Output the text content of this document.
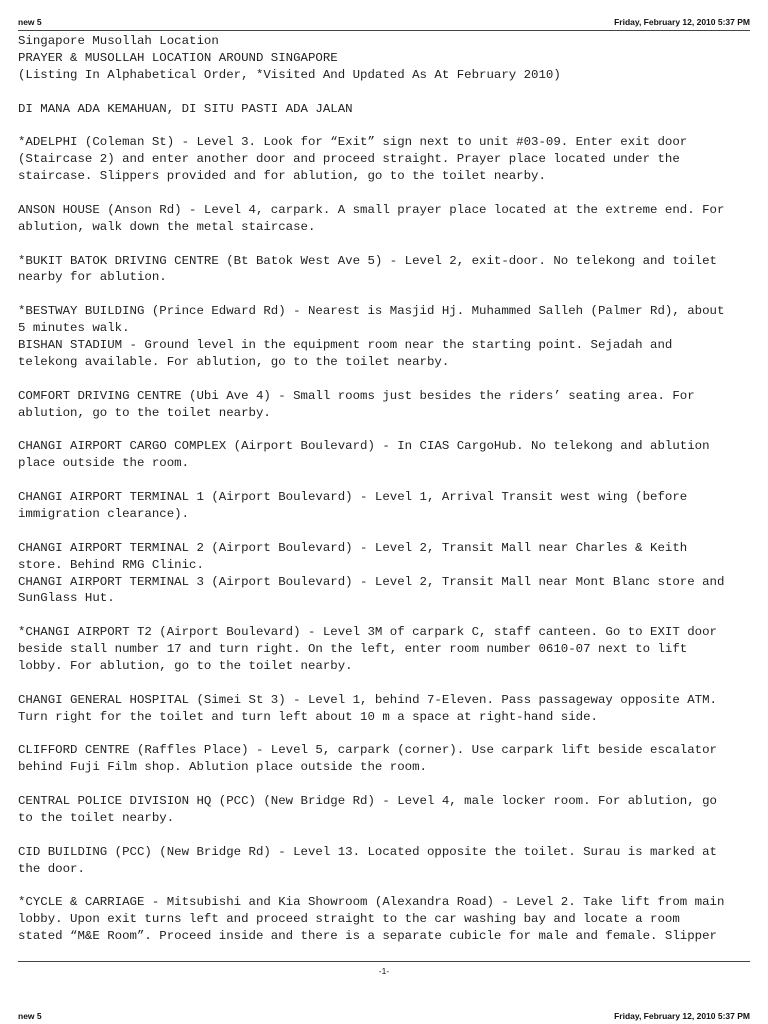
new 5	Friday, February 12, 2010 5:37 PM
Singapore Musollah Location
PRAYER & MUSOLLAH LOCATION AROUND SINGAPORE
(Listing In Alphabetical Order, *Visited And Updated As At February 2010)
DI MANA ADA KEMAHUAN, DI SITU PASTI ADA JALAN
*ADELPHI (Coleman St) - Level 3. Look for “Exit” sign next to unit #03-09. Enter exit door
(Staircase 2) and enter another door and proceed straight. Prayer place located under the
staircase. Slippers provided and for ablution, go to the toilet nearby.
ANSON HOUSE (Anson Rd) - Level 4, carpark. A small prayer place located at the extreme end. For
ablution, walk down the metal staircase.
*BUKIT BATOK DRIVING CENTRE (Bt Batok West Ave 5) - Level 2, exit-door. No telekong and toilet
nearby for ablution.
*BESTWAY BUILDING (Prince Edward Rd) - Nearest is Masjid Hj. Muhammed Salleh (Palmer Rd), about
5 minutes walk.
BISHAN STADIUM - Ground level in the equipment room near the starting point. Sejadah and
telekong available. For ablution, go to the toilet nearby.
COMFORT DRIVING CENTRE (Ubi Ave 4) - Small rooms just besides the riders’ seating area. For
ablution, go to the toilet nearby.
CHANGI AIRPORT CARGO COMPLEX (Airport Boulevard) - In CIAS CargoHub. No telekong and ablution
place outside the room.
CHANGI AIRPORT TERMINAL 1 (Airport Boulevard) - Level 1, Arrival Transit west wing (before
immigration clearance).
CHANGI AIRPORT TERMINAL 2 (Airport Boulevard) - Level 2, Transit Mall near Charles & Keith
store. Behind RMG Clinic.
CHANGI AIRPORT TERMINAL 3 (Airport Boulevard) - Level 2, Transit Mall near Mont Blanc store and
SunGlass Hut.
*CHANGI AIRPORT T2 (Airport Boulevard) - Level 3M of carpark C, staff canteen. Go to EXIT door
beside stall number 17 and turn right. On the left, enter room number 0610-07 next to lift
lobby. For ablution, go to the toilet nearby.
CHANGI GENERAL HOSPITAL (Simei St 3) - Level 1, behind 7-Eleven. Pass passageway opposite ATM.
Turn right for the toilet and turn left about 10 m a space at right-hand side.
CLIFFORD CENTRE (Raffles Place) - Level 5, carpark (corner). Use carpark lift beside escalator
behind Fuji Film shop. Ablution place outside the room.
CENTRAL POLICE DIVISION HQ (PCC) (New Bridge Rd) - Level 4, male locker room. For ablution, go
to the toilet nearby.
CID BUILDING (PCC) (New Bridge Rd) - Level 13. Located opposite the toilet. Surau is marked at
the door.
*CYCLE & CARRIAGE - Mitsubishi and Kia Showroom (Alexandra Road) - Level 2. Take lift from main
lobby. Upon exit turns left and proceed straight to the car washing bay and locate a room
stated “M&E Room”. Proceed inside and there is a separate cubicle for male and female. Slipper
-1-
new 5	Friday, February 12, 2010 5:37 PM
